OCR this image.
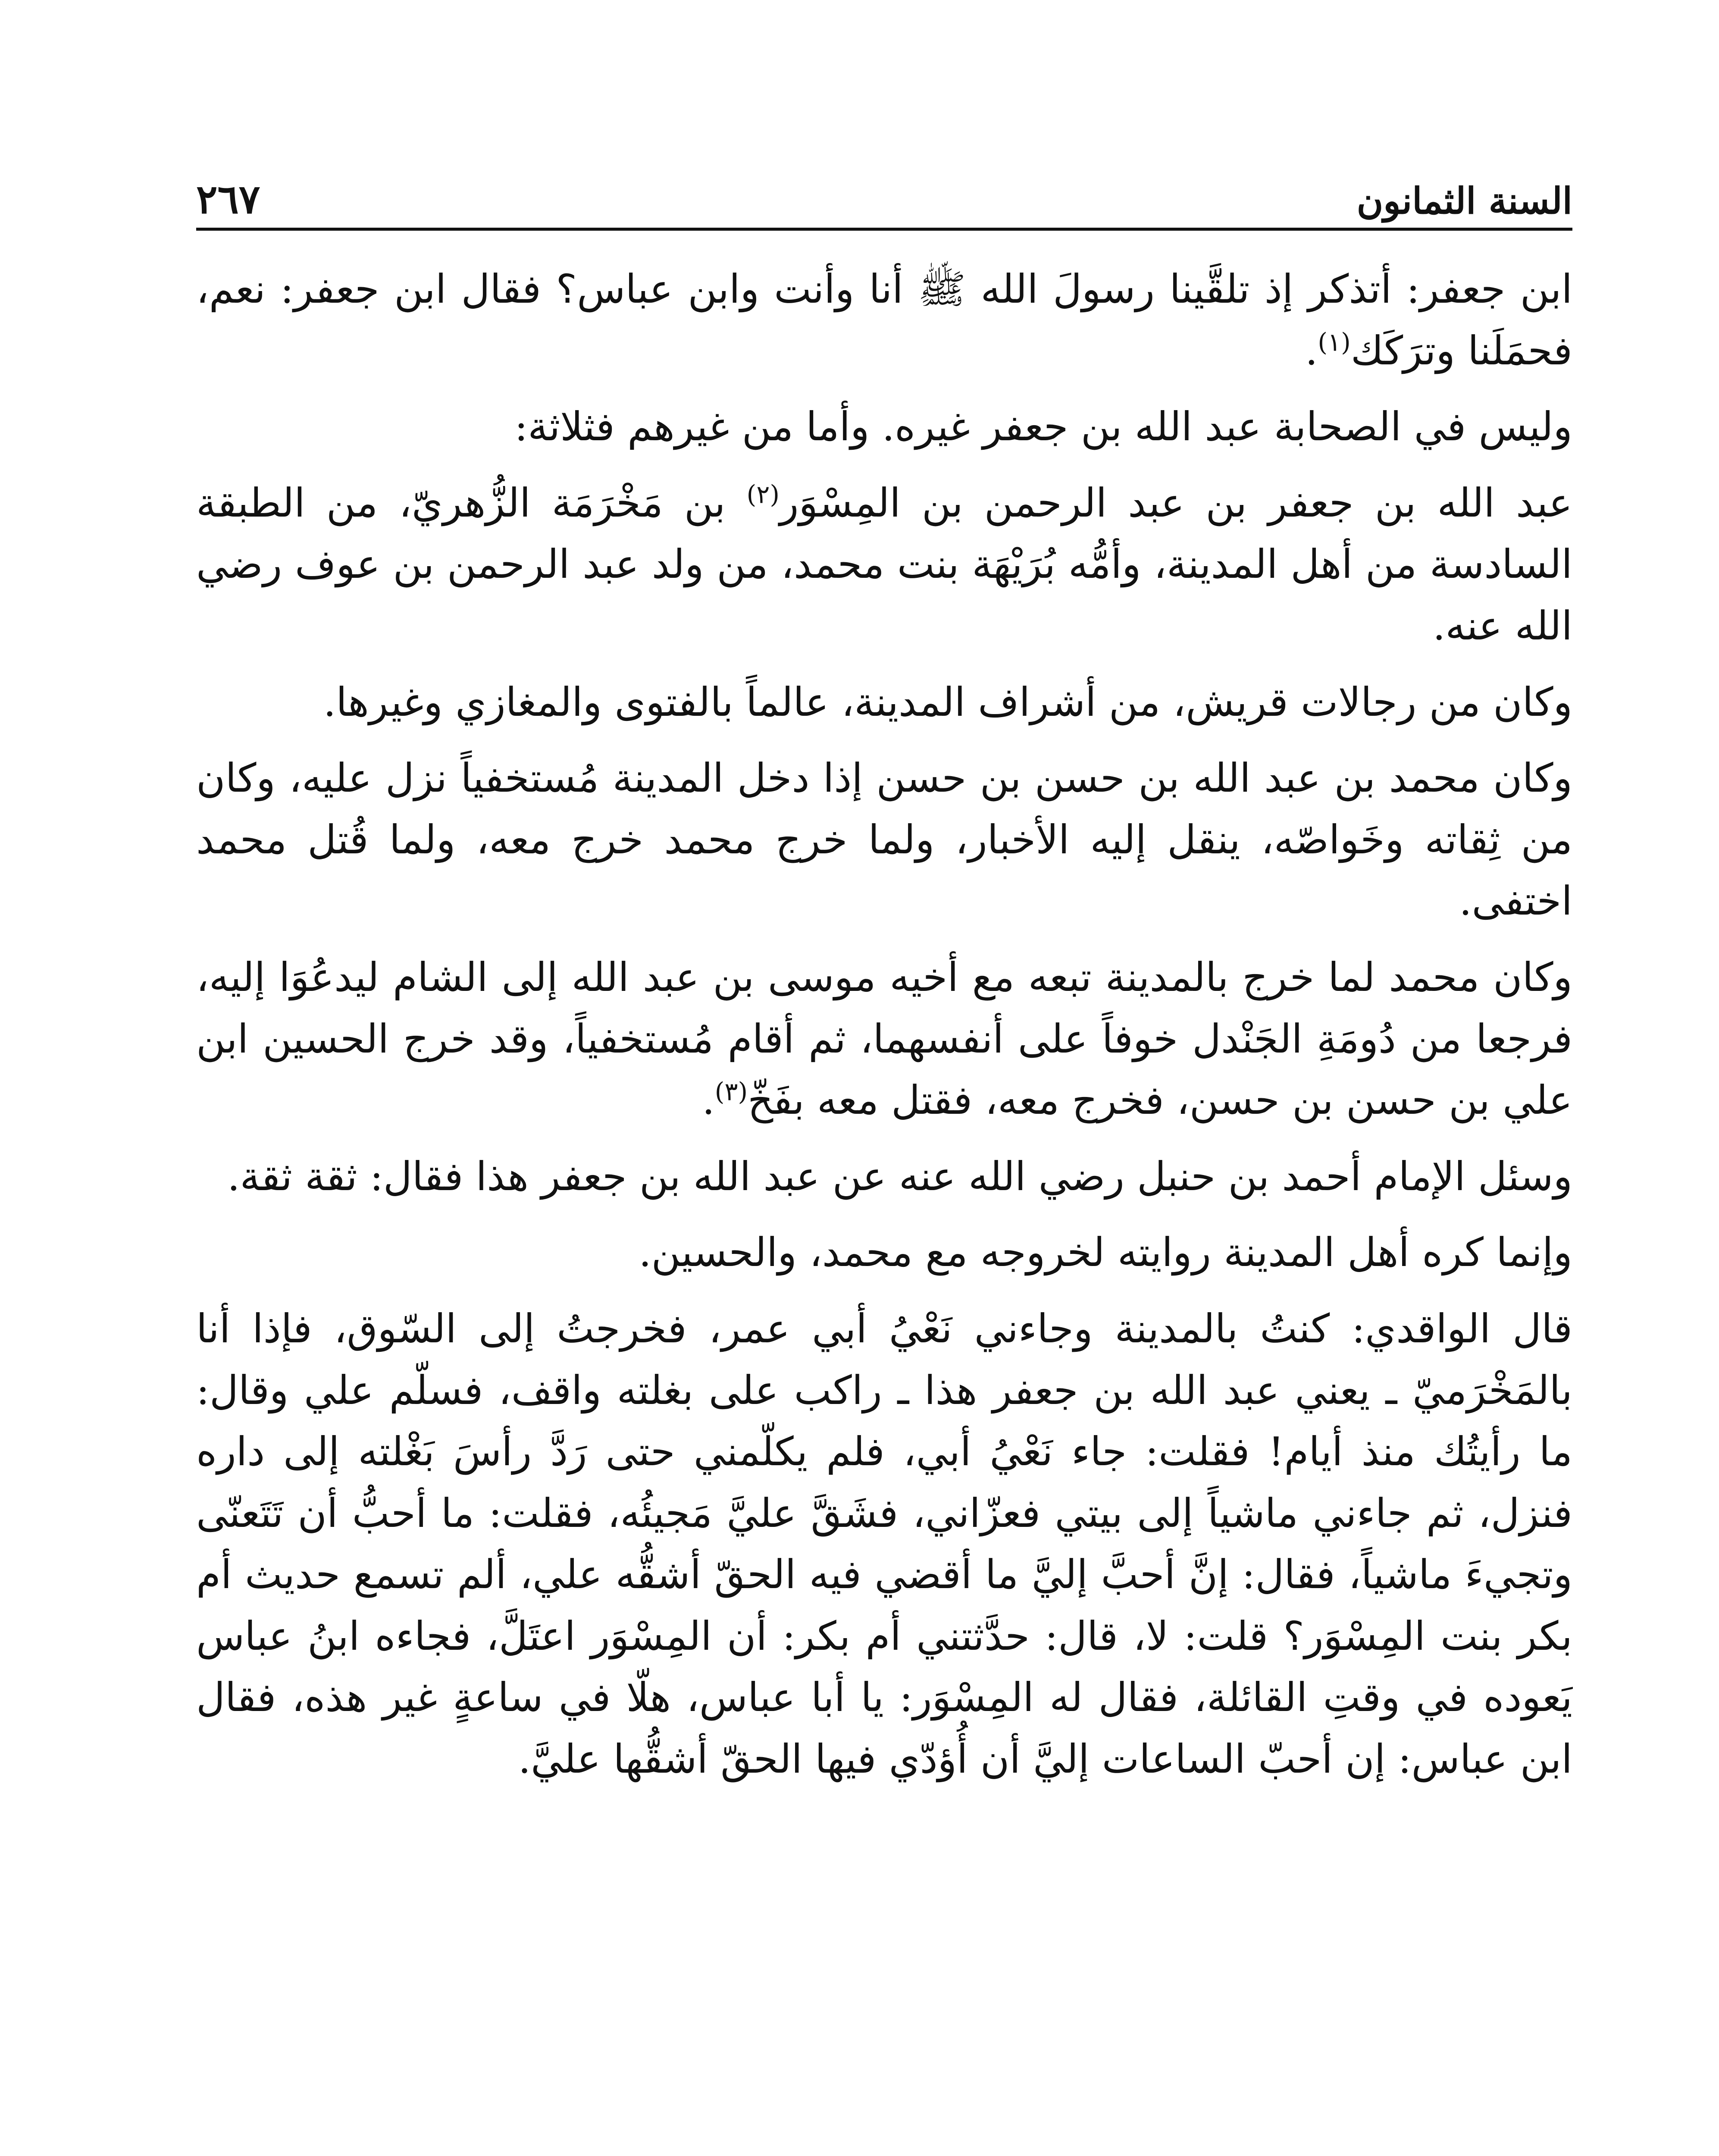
السنة الثمانون
٢٦٧

ابن جعفر: أتذكر إذ تلقَّينا رسولَ الله ﷺ أنا وأنت وابن عباس؟ فقال ابن جعفر: نعم، فحمَلَنا وترَكَك$^{(١)}$.

وليس في الصحابة عبد الله بن جعفر غيره. وأما من غيرهم فثلاثة:

عبد الله بن جعفر بن عبد الرحمن بن المِسْوَر$^{(٢)}$ بن مَخْرَمَة الزُّهريّ، من الطبقة السادسة من أهل المدينة، وأمُّه بُرَيْهَة بنت محمد، من ولد عبد الرحمن بن عوف رضي الله عنه.

وكان من رجالات قريش، من أشراف المدينة، عالماً بالفتوى والمغازي وغيرها.

وكان محمد بن عبد الله بن حسن بن حسن إذا دخل المدينة مُستخفياً نزل عليه، وكان من ثِقاته وخَواصّه، ينقل إليه الأخبار، ولما خرج محمد خرج معه، ولما قُتل محمد اختفى.

وكان محمد لما خرج بالمدينة تبعه مع أخيه موسى بن عبد الله إلى الشام ليدعُوَا إليه، فرجعا من دُومَةِ الجَنْدل خوفاً على أنفسهما، ثم أقام مُستخفياً، وقد خرج الحسين ابن علي بن حسن بن حسن، فخرج معه، فقتل معه بفَخّ$^{(٣)}$.

وسئل الإمام أحمد بن حنبل رضي الله عنه عن عبد الله بن جعفر هذا فقال: ثقة ثقة.

وإنما كره أهل المدينة روايته لخروجه مع محمد، والحسين.

قال الواقدي: كنتُ بالمدينة وجاءني نَعْيُ أبي عمر، فخرجتُ إلى السّوق، فإذا أنا بالمَخْرَميّ ـ يعني عبد الله بن جعفر هذا ـ راكب على بغلته واقف، فسلّم علي وقال: ما رأيتُك منذ أيام! فقلت: جاء نَعْيُ أبي، فلم يكلّمني حتى رَدَّ رأسَ بَغْلته إلى داره فنزل، ثم جاءني ماشياً إلى بيتي فعزّاني، فشَقَّ عليَّ مَجيئُه، فقلت: ما أحبُّ أن تَتَعنّى وتجيءَ ماشياً، فقال: إنَّ أحبَّ إليَّ ما أقضي فيه الحقّ أشقُّه علي، ألم تسمع حديث أم بكر بنت المِسْوَر؟ قلت: لا، قال: حدَّثتني أم بكر: أن المِسْوَر اعتَلَّ، فجاءه ابنُ عباس يَعوده في وقتِ القائلة، فقال له المِسْوَر: يا أبا عباس، هلّا في ساعةٍ غير هذه، فقال ابن عباس: إن أحبّ الساعات إليَّ أن أُؤدّي فيها الحقّ أشقُّها عليَّ.
